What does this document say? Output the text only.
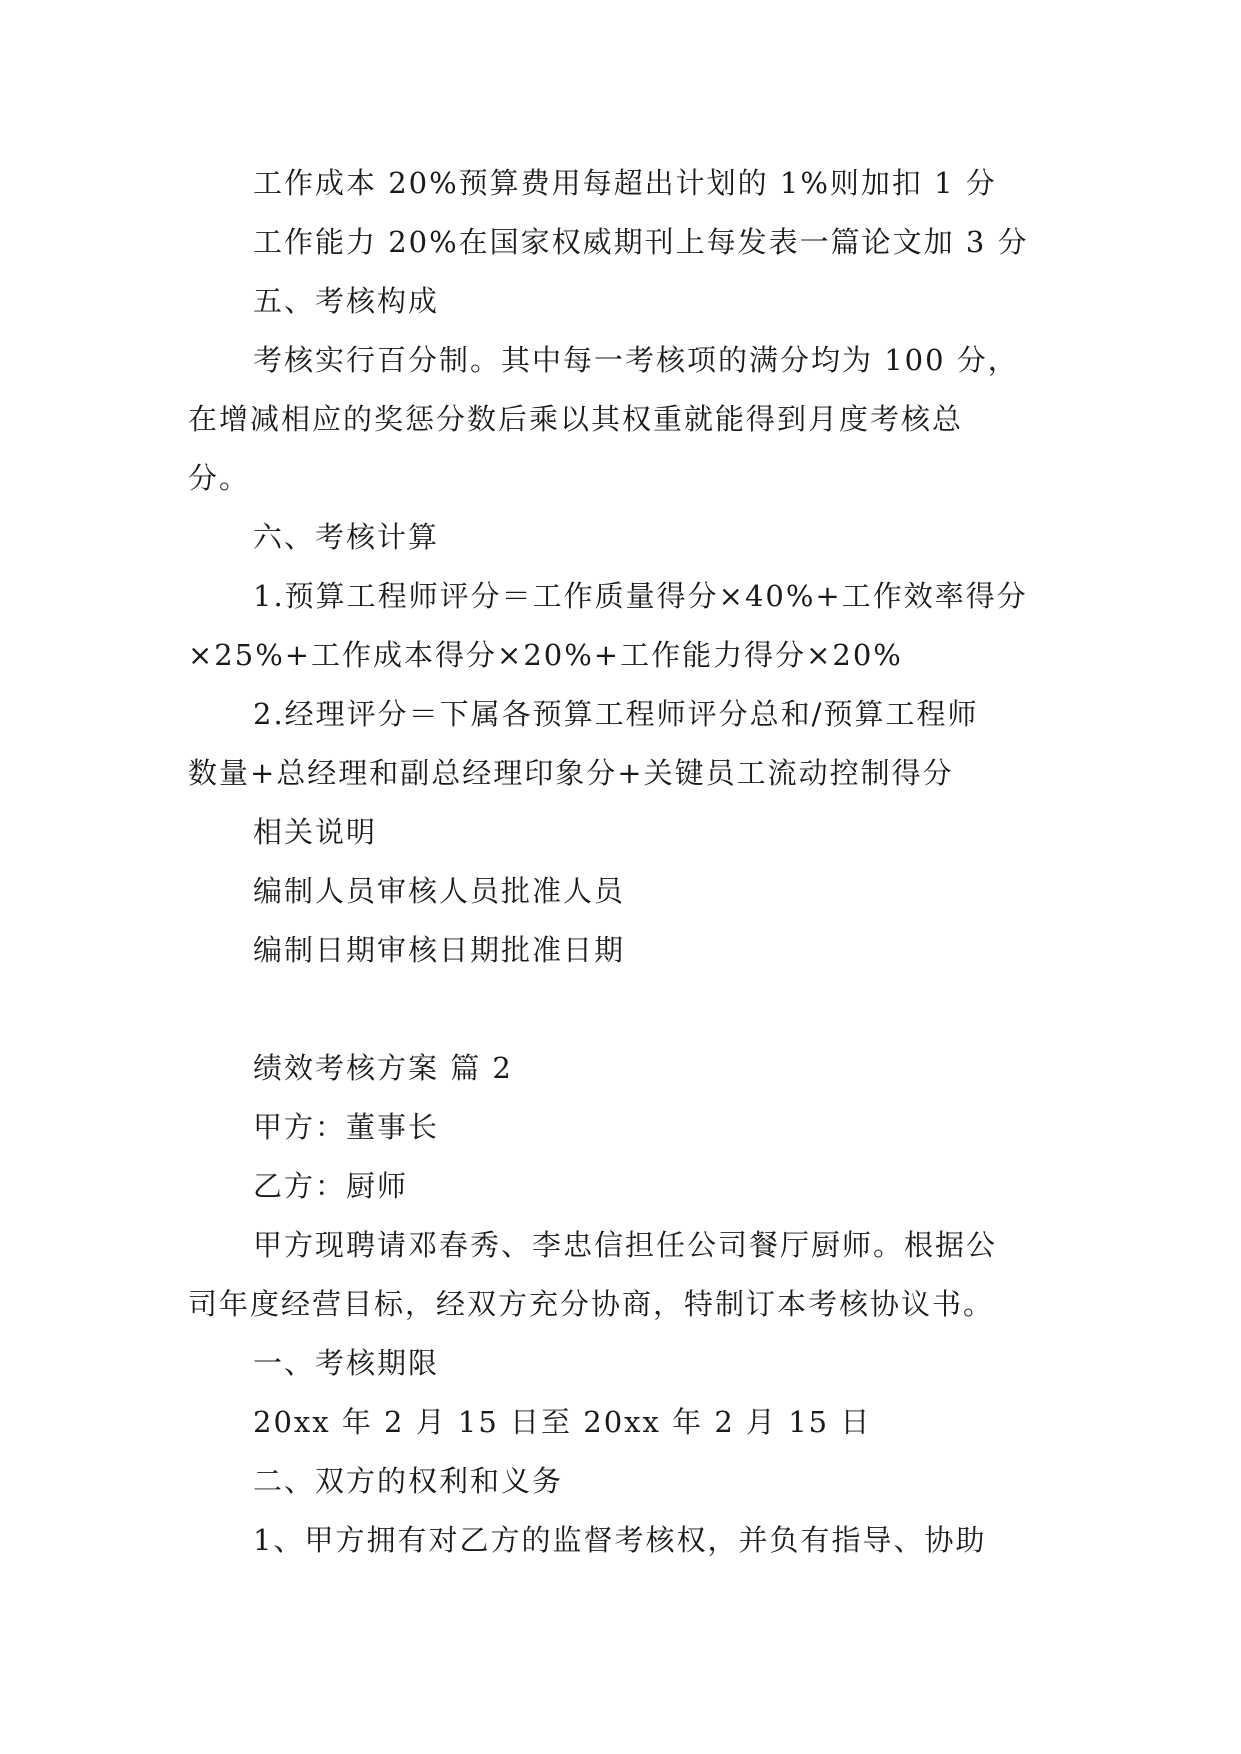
工作成本 20%预算费用每超出计划的 1%则加扣 1 分
工作能力 20%在国家权威期刊上每发表一篇论文加 3 分
五、考核构成
考核实行百分制。其中每一考核项的满分均为 100 分，
在增减相应的奖惩分数后乘以其权重就能得到月度考核总
分。
六、考核计算
1.预算工程师评分＝工作质量得分×40%+工作效率得分
×25%+工作成本得分×20%+工作能力得分×20%
2.经理评分＝下属各预算工程师评分总和/预算工程师
数量+总经理和副总经理印象分+关键员工流动控制得分
相关说明
编制人员审核人员批准人员
编制日期审核日期批准日期
绩效考核方案 篇 2
甲方：董事长
乙方：厨师
甲方现聘请邓春秀、李忠信担任公司餐厅厨师。根据公
司年度经营目标，经双方充分协商，特制订本考核协议书。
一、考核期限
20xx 年 2 月 15 日至 20xx 年 2 月 15 日
二、双方的权利和义务
1、甲方拥有对乙方的监督考核权，并负有指导、协助
